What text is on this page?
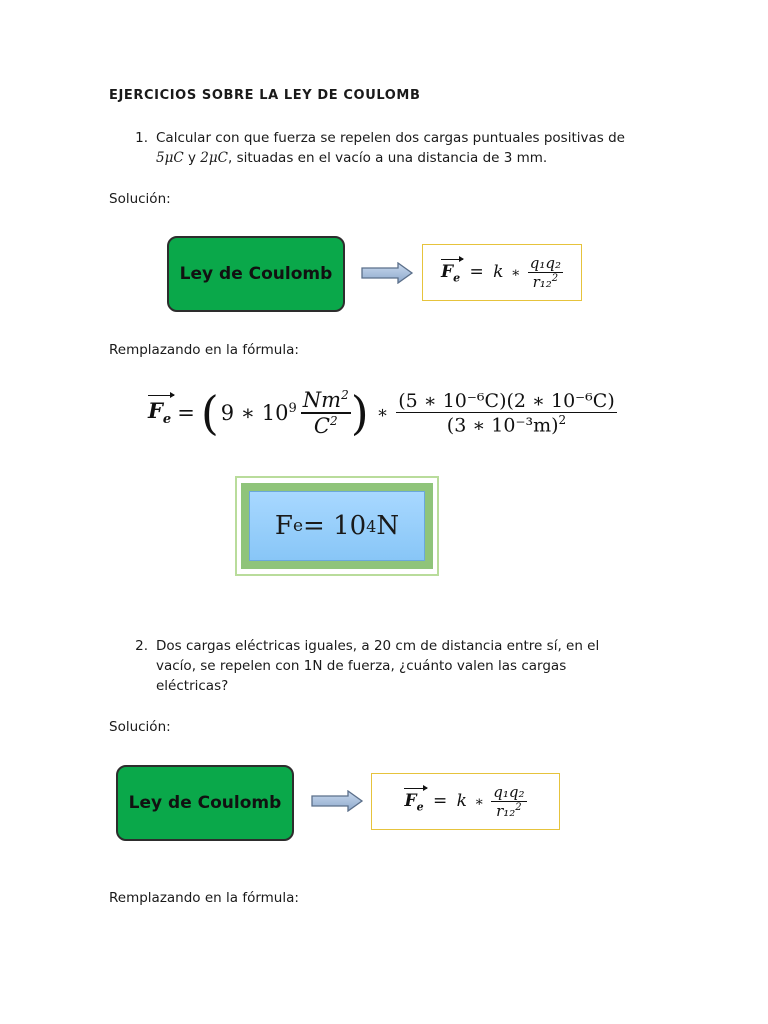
EJERCICIOS SOBRE LA LEY DE COULOMB
1. Calcular con que fuerza se repelen dos cargas puntuales positivas de
5μC y 2μC, situadas en el vacío a una distancia de 3 mm.
Solución:
Ley de Coulomb	$F_e = k$ ∗ $\frac{\text{q₁q₂}}{r_{12}^2}$
Remplazando en la fórmula:
$F_e$ = ( 9 ∗ $10^9 \frac{Nm^2}{C^2}$ ) ∗ $\frac{\text{(5 ∗ 10⁻⁶C)(2 ∗ 10⁻⁶C)}}{(3 ∗ 10^{-3}m)^2}$
F e = 10 4 N
2. Dos cargas eléctricas iguales, a 20 cm de distancia entre sí, en el
vacío, se repelen con 1N de fuerza, ¿cuánto valen las cargas
eléctricas?
Solución:
Ley de Coulomb	$F_e = k$ ∗ $\frac{\text{q₁q₂}}{r_{12}^2}$
Remplazando en la fórmula:
